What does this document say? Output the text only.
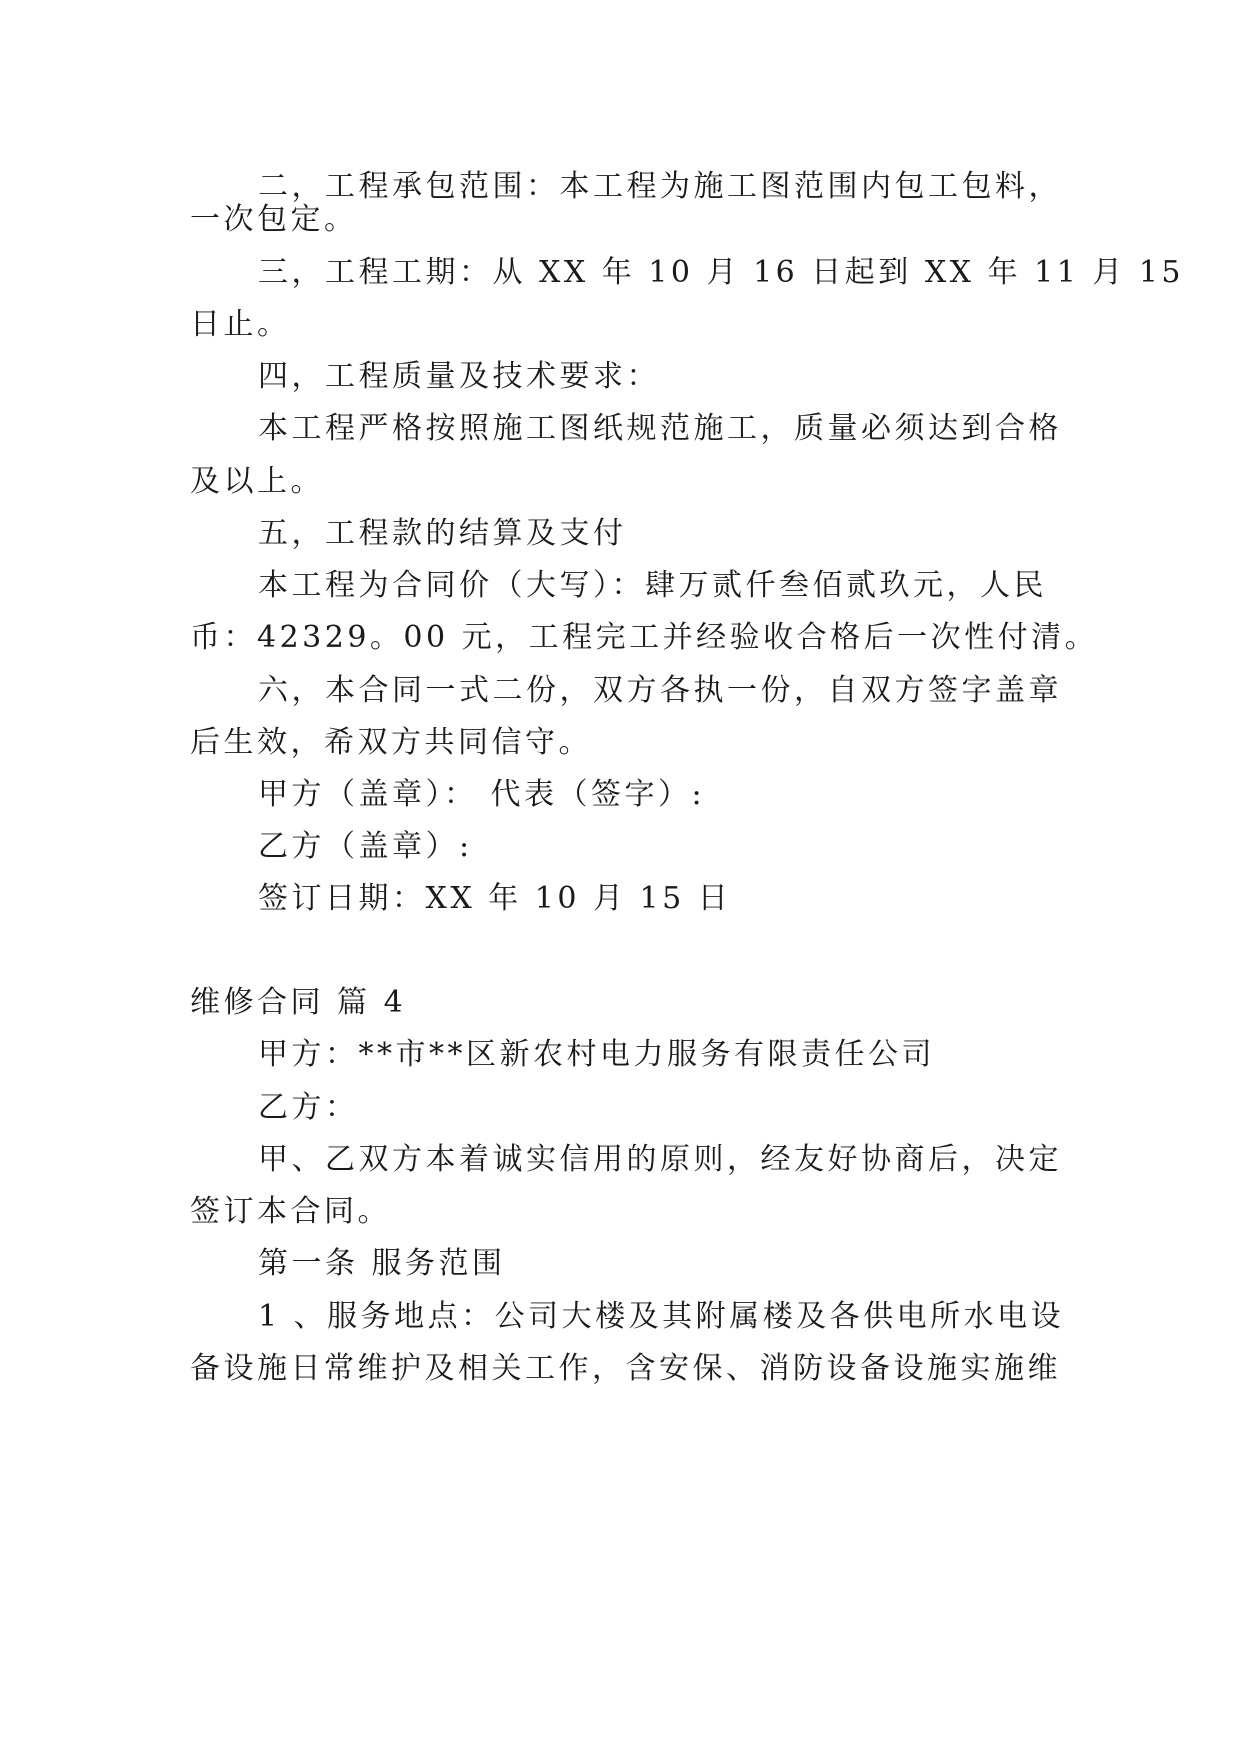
二，工程承包范围：本工程为施工图范围内包工包料，
一次包定。
三，工程工期：从 XX 年 10 月 16 日起到 XX 年 11 月 15
日止。
四，工程质量及技术要求：
本工程严格按照施工图纸规范施工，质量必须达到合格
及以上。
五，工程款的结算及支付
本工程为合同价（大写）：肆万贰仟叁佰贰玖元，人民
币：42329。00 元，工程完工并经验收合格后一次性付清。
六，本合同一式二份，双方各执一份，自双方签字盖章
后生效，希双方共同信守。
甲方（盖章）： 代表（签字）:
乙方（盖章）:
签订日期：XX 年 10 月 15 日
维修合同 篇 4
甲方：**市**区新农村电力服务有限责任公司
乙方：
甲、乙双方本着诚实信用的原则，经友好协商后，决定
签订本合同。
第一条 服务范围
1 、服务地点：公司大楼及其附属楼及各供电所水电设
备设施日常维护及相关工作，含安保、消防设备设施实施维
